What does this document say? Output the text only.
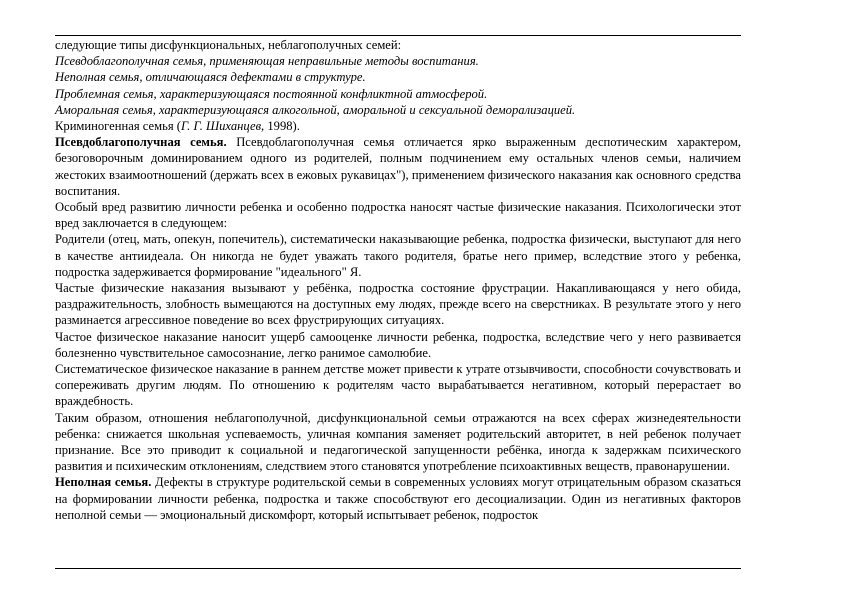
следующие типы дисфункциональных, неблагополучных семей:

Псевдоблагополучная семья, применяющая неправильные методы воспитания.

Неполная семья, отличающаяся дефектами в структуре.

Проблемная семья, характеризующаяся постоянной конфликтной атмосферой.

Аморальная семья, характеризующаяся алкогольной, аморальной и сексуальной деморализацией.

Криминогенная семья (Г. Г. Шиханцев, 1998).

Псевдоблагополучная семья. Псевдоблагополучная семья отличается ярко выраженным деспотическим характером, безоговорочным доминированием одного из родителей, полным подчинением ему остальных членов семьи, наличием жестоких взаимоотношений (держать всех в ежовых рукавицах"), применением физического наказания как основного средства воспитания.

Особый вред развитию личности ребенка и особенно подростка наносят частые физические наказания. Психологически этот вред заключается в следующем:

Родители (отец, мать, опекун, попечитель), систематически наказывающие ребенка, подростка физически, выступают для него в качестве антиидеала. Он никогда не будет уважать такого родителя, братье него пример, вследствие этого у ребенка, подростка задерживается формирование "идеального" Я.

Частые физические наказания вызывают у ребёнка, подростка состояние фрустрации. Накапливающаяся у него обида, раздражительность, злобность вымещаются на доступных ему людях, прежде всего на сверстниках. В результате этого у него разминается агрессивное поведение во всех фрустрирующих ситуациях.

Частое физическое наказание наносит ущерб самооценке личности ребенка, подростка, вследствие чего у него развивается болезненно чувствительное самосознание, легко ранимое самолюбие.

Систематическое физическое наказание в раннем детстве может привести к утрате отзывчивости, способности сочувствовать и сопереживать другим людям. По отношению к родителям часто вырабатывается негативном, который перерастает во враждебность.

Таким образом, отношения неблагополучной, дисфункциональной семьи отражаются на всех сферах жизнедеятельности ребенка: снижается школьная успеваемость, уличная компания заменяет родительский авторитет, в ней ребенок получает признание. Все это приводит к социальной и педагогической запущенности ребёнка, иногда к задержкам психического развития и психическим отклонениям, следствием этого становятся употребление психоактивных веществ, правонарушении.

Неполная семья. Дефекты в структуре родительской семьи в современных условиях могут отрицательным образом сказаться на формировании личности ребенка, подростка и также способствуют его десоциализации. Один из негативных факторов неполной семьи — эмоциональный дискомфорт, который испытывает ребенок, подросток
